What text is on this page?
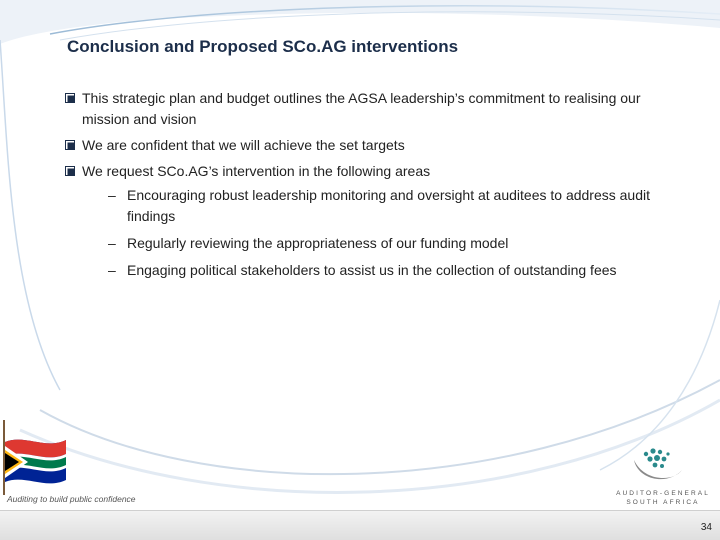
Conclusion and Proposed SCo.AG interventions
This strategic plan and budget outlines the AGSA leadership’s commitment to realising our mission and vision
We are confident that we will achieve the set targets
We request SCo.AG’s intervention in the following areas
– Encouraging robust leadership monitoring and oversight at auditees to address audit findings
– Regularly reviewing the appropriateness of our funding model
– Engaging political stakeholders to assist us in the collection of outstanding fees
Auditing to build public confidence
AUDITOR-GENERAL
SOUTH AFRICA
34
